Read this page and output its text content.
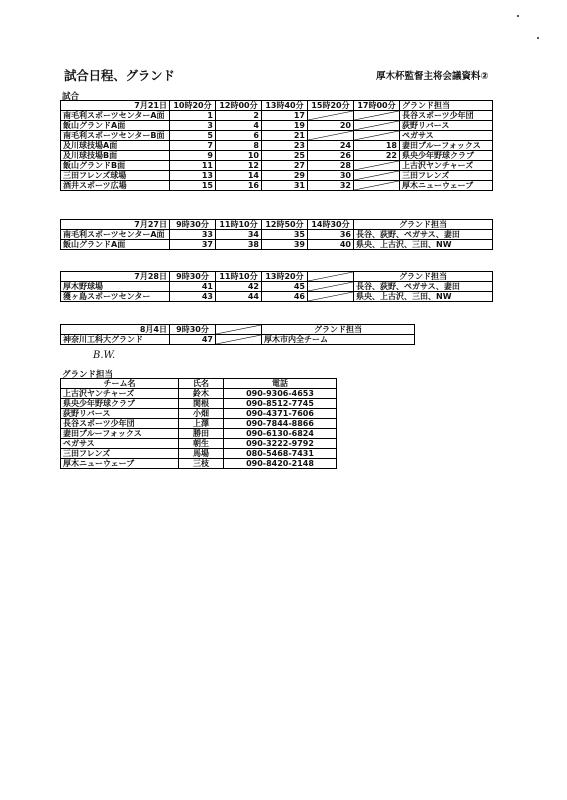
試合日程、グランド	厚木杯監督主将会議資料②
試合
7月21日	10時20分	12時00分	13時40分	15時20分	17時00分	グランド担当
南毛利スポーツセンターA面	1	2	17			長谷スポーツ少年団
飯山グランドA面	3	4	19	20		荻野リバース
南毛利スポーツセンターB面	5	6	21			ペガサス
及川球技場A面	7	8	23	24	18	妻田ブルーフォックス
及川球技場B面	9	10	25	26	22	県央少年野球クラブ
飯山グランドB面	11	12	27	28		上古沢ヤンチャーズ
三田フレンズ球場	13	14	29	30		三田フレンズ
酒井スポーツ広場	15	16	31	32		厚木ニューウェーブ
7月27日	9時30分	11時10分	12時50分	14時30分	グランド担当
南毛利スポーツセンターA面	33	34	35	36	長谷、荻野、ペガサス、妻田
飯山グランドA面	37	38	39	40	県央、上古沢、三田、NW
7月28日	9時30分	11時10分	13時20分		グランド担当
厚木野球場	41	42	45		長谷、荻野、ペガサス、妻田
獲ヶ島スポーツセンター	43	44	46		県央、上古沢、三田、NW
8月4日	9時30分		グランド担当
神奈川工科大グランド	47		厚木市内全チーム
B.W.
グランド担当
チーム名	氏名	電話
上古沢ヤンチャーズ	鈴木	090-9306-4653
県央少年野球クラブ	関根	090-8512-7745
荻野リバース	小畑	090-4371-7606
長谷スポーツ少年団	上澤	090-7844-8866
妻田ブルーフォックス	勝田	090-6130-6824
ペガサス	朝生	090-3222-9792
三田フレンズ	馬場	080-5468-7431
厚木ニューウェーブ	三枝	090-8420-2148
